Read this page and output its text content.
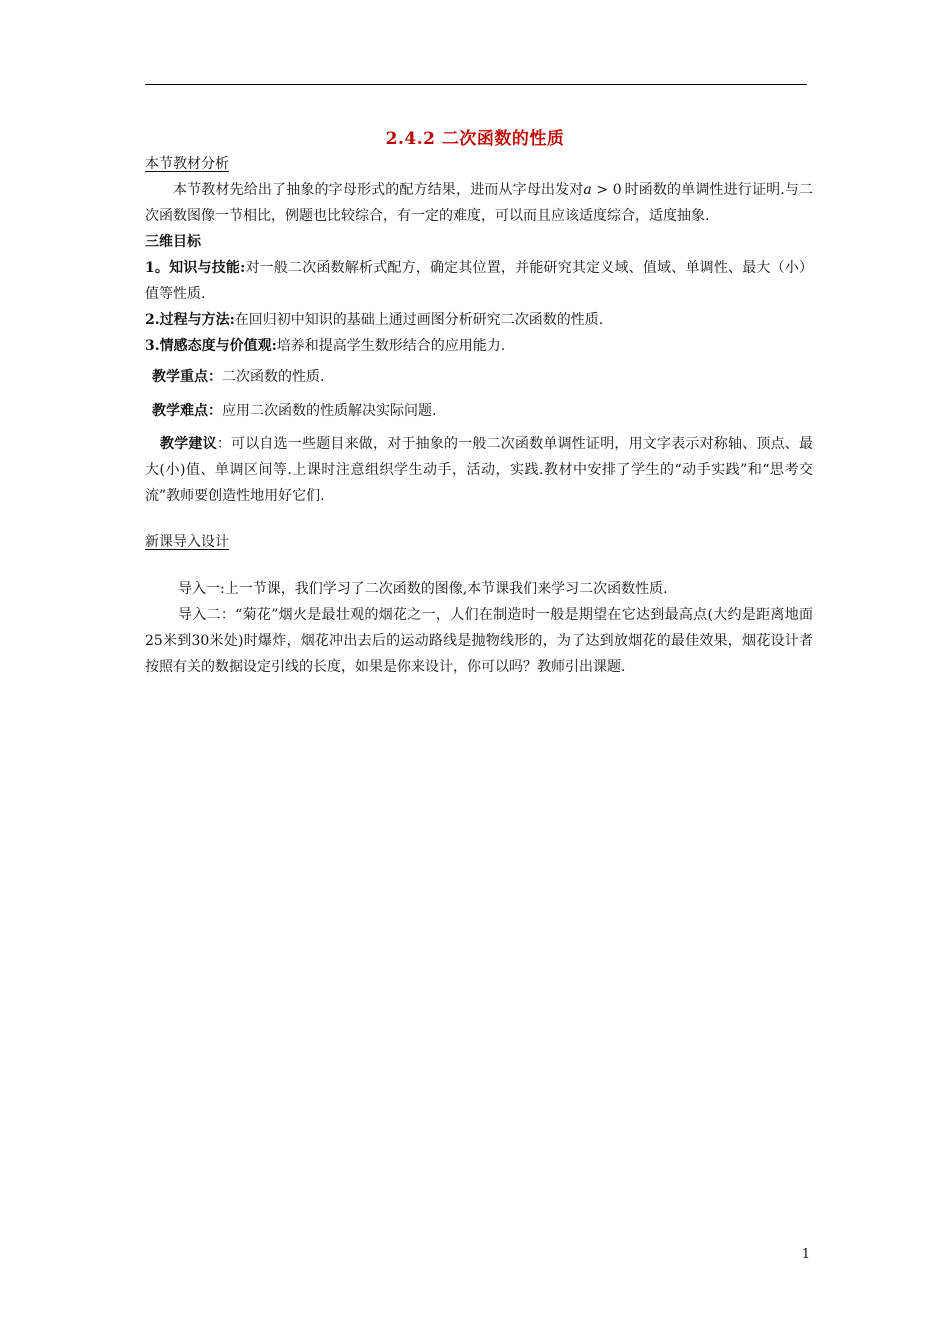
2.4.2 二次函数的性质
本节教材分析

本节教材先给出了抽象的字母形式的配方结果，进而从字母出发对a > 0  时函数的单调性进行证明.与二次函数图像一节相比，例题也比较综合，有一定的难度，可以而且应该适度综合，适度抽象.

三维目标

1。知识与技能:对一般二次函数解析式配方，确定其位置，并能研究其定义域、值域、单调性、最大（小）值等性质.

2.过程与方法:在回归初中知识的基础上通过画图分析研究二次函数的性质.

3.情感态度与价值观:培养和提高学生数形结合的应用能力.

教学重点：二次函数的性质.

教学难点：应用二次函数的性质解决实际问题.

教学建议：可以自选一些题目来做，对于抽象的一般二次函数单调性证明，用文字表示对称轴、顶点、最大(小)值、单调区间等.上课时注意组织学生动手，活动，实践.教材中安排了学生的“动手实践”和“思考交流”教师要创造性地用好它们.

新课导入设计

导入一:上一节课，我们学习了二次函数的图像,本节课我们来学习二次函数性质.

导入二：“菊花”烟火是最壮观的烟花之一，人们在制造时一般是期望在它达到最高点(大约是距离地面25米到30米处)时爆炸，烟花冲出去后的运动路线是抛物线形的，为了达到放烟花的最佳效果，烟花设计者按照有关的数据设定引线的长度，如果是你来设计，你可以吗？教师引出课题.

1
